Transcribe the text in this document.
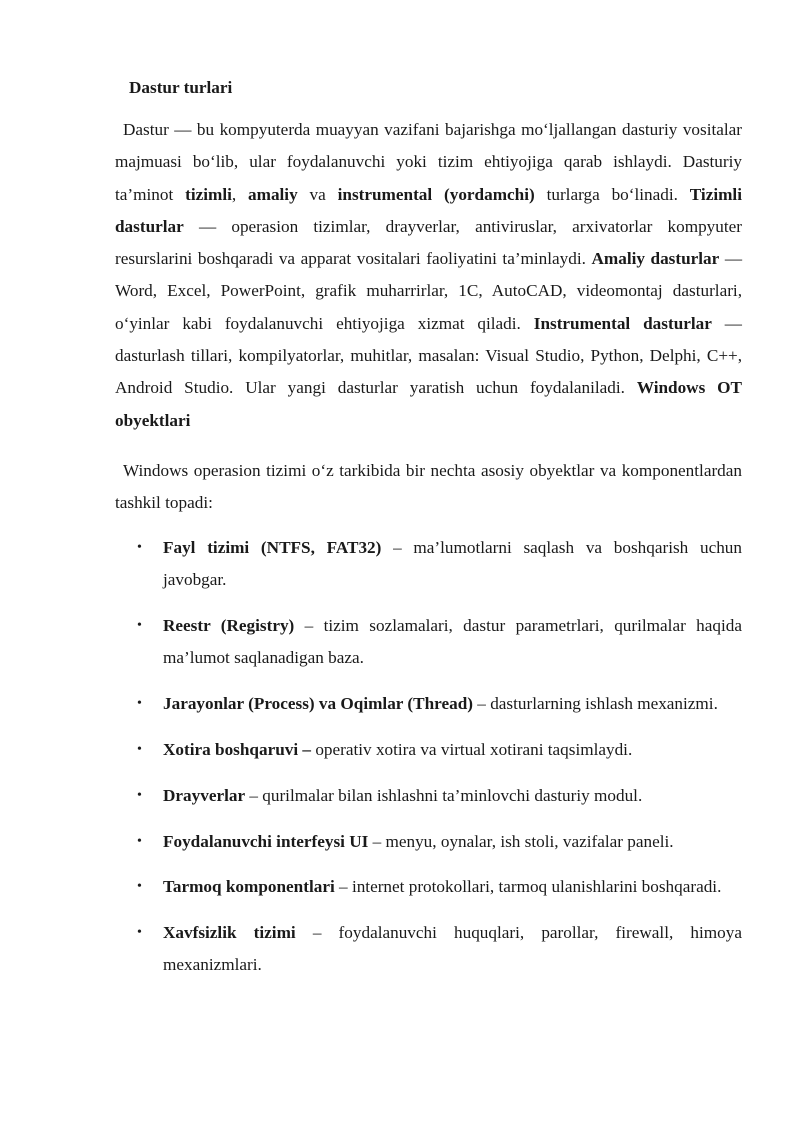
Dastur turlari
Dastur — bu kompyuterda muayyan vazifani bajarishga mo‘ljallangan dasturiy vositalar majmuasi bo‘lib, ular foydalanuvchi yoki tizim ehtiyojiga qarab ishlaydi. Dasturiy ta’minot tizimli, amaliy va instrumental (yordamchi) turlarga bo‘linadi. Tizimli dasturlar — operasion tizimlar, drayverlar, antiviruslar, arxivatorlar kompyuter resurslarini boshqaradi va apparat vositalari faoliyatini ta’minlaydi. Amaliy dasturlar — Word, Excel, PowerPoint, grafik muharrirlar, 1C, AutoCAD, videomontaj dasturlari, o‘yinlar kabi foydalanuvchi ehtiyojiga xizmat qiladi. Instrumental dasturlar — dasturlash tillari, kompilyatorlar, muhitlar, masalan: Visual Studio, Python, Delphi, C++, Android Studio. Ular yangi dasturlar yaratish uchun foydalaniladi. Windows OT obyektlari
Windows operasion tizimi o‘z tarkibida bir nechta asosiy obyektlar va komponentlardan tashkil topadi:
• Fayl tizimi (NTFS, FAT32) – ma’lumotlarni saqlash va boshqarish uchun javobgar.
• Reestr (Registry) – tizim sozlamalari, dastur parametrlari, qurilmalar haqida ma’lumot saqlanadigan baza.
• Jarayonlar (Process) va Oqimlar (Thread) – dasturlarning ishlash mexanizmi.
• Xotira boshqaruvi – operativ xotira va virtual xotirani taqsimlaydi.
• Drayverlar – qurilmalar bilan ishlashni ta’minlovchi dasturiy modul.
• Foydalanuvchi interfeysi UI – menyu, oynalar, ish stoli, vazifalar paneli.
• Tarmoq komponentlari – internet protokollari, tarmoq ulanishlarini boshqaradi.
• Xavfsizlik tizimi – foydalanuvchi huquqlari, parollar, firewall, himoya mexanizmlari.
